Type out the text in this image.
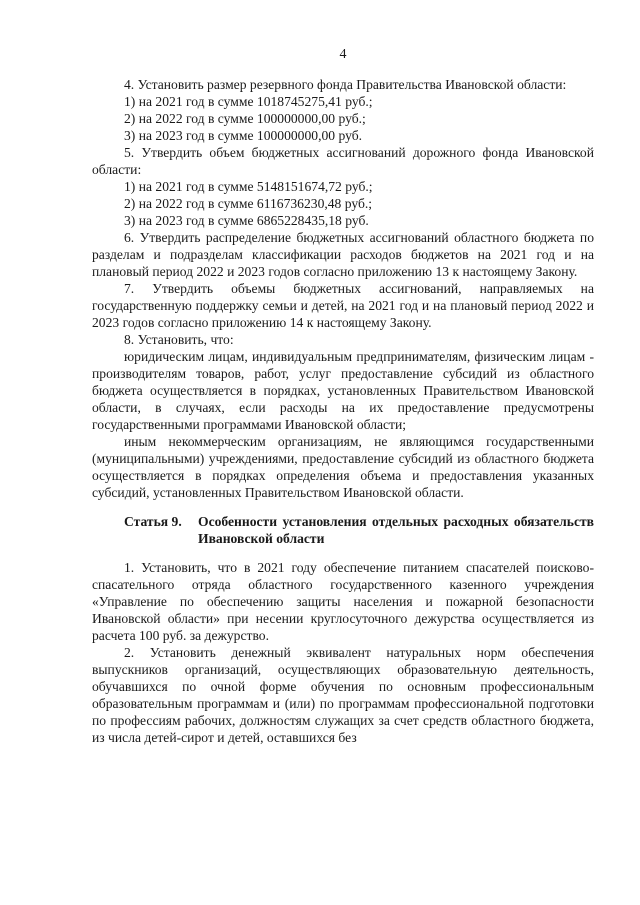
4

4. Установить размер резервного фонда Правительства Ивановской области:

1) на 2021 год в сумме 1018745275,41 руб.;

2) на 2022 год в сумме 100000000,00 руб.;

3) на 2023 год в сумме 100000000,00 руб.

5. Утвердить объем бюджетных ассигнований дорожного фонда Ивановской области:

1) на 2021 год в сумме 5148151674,72 руб.;

2) на 2022 год в сумме 6116736230,48 руб.;

3) на 2023 год в сумме 6865228435,18 руб.

6. Утвердить распределение бюджетных ассигнований областного бюджета по разделам и подразделам классификации расходов бюджетов на 2021 год и на плановый период 2022 и 2023 годов согласно приложению 13 к настоящему Закону.

7. Утвердить объемы бюджетных ассигнований, направляемых на государственную поддержку семьи и детей, на 2021 год и на плановый период 2022 и 2023 годов согласно приложению 14 к настоящему Закону.

8. Установить, что:

юридическим лицам, индивидуальным предпринимателям, физическим лицам - производителям товаров, работ, услуг предоставление субсидий из областного бюджета осуществляется в порядках, установленных Правительством Ивановской области, в случаях, если расходы на их предоставление предусмотрены государственными программами Ивановской области;

иным некоммерческим организациям, не являющимся государственными (муниципальными) учреждениями, предоставление субсидий из областного бюджета осуществляется в порядках определения объема и предоставления указанных субсидий, установленных Правительством Ивановской области.

Статья 9.	Особенности установления отдельных расходных обязательств Ивановской области

1. Установить, что в 2021 году обеспечение питанием спасателей поисково-спасательного отряда областного государственного казенного учреждения «Управление по обеспечению защиты населения и пожарной безопасности Ивановской области» при несении круглосуточного дежурства осуществляется из расчета 100 руб. за дежурство.

2. Установить денежный эквивалент натуральных норм обеспечения выпускников организаций, осуществляющих образовательную деятельность, обучавшихся по очной форме обучения по основным профессиональным образовательным программам и (или) по программам профессиональной подготовки по профессиям рабочих, должностям служащих за счет средств областного бюджета, из числа детей-сирот и детей, оставшихся без
